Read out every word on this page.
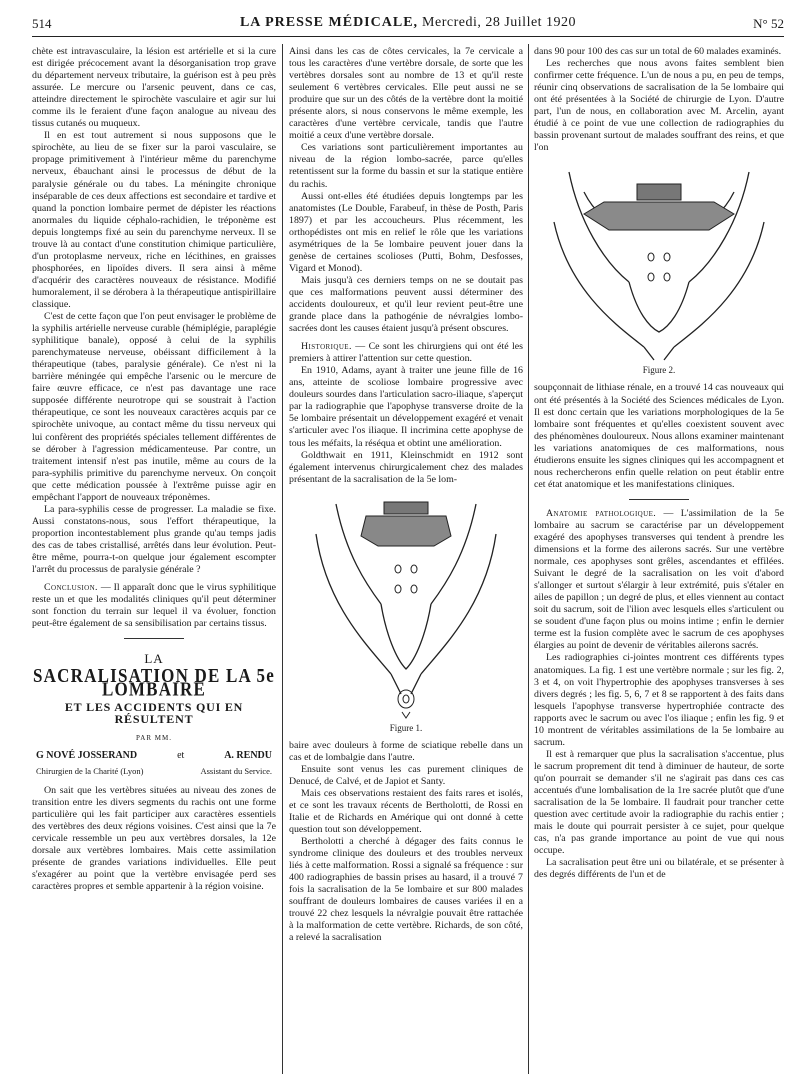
514	LA PRESSE MÉDICALE, Mercredi, 28 Juillet 1920	N° 52

chète est intravasculaire, la lésion est artérielle et si la cure est dirigée précocement avant la désorganisation trop grave du département nerveux tributaire, la guérison est à peu près assurée. Le mercure ou l'arsenic peuvent, dans ce cas, atteindre directement le spirochète vasculaire et agir sur lui comme ils le feraient d'une façon analogue au niveau des tissus cutanés ou muqueux.

Il en est tout autrement si nous supposons que le spirochète, au lieu de se fixer sur la paroi vasculaire, se propage primitivement à l'intérieur même du parenchyme nerveux, ébauchant ainsi le processus de début de la paralysie générale ou du tabes. La méningite chronique inséparable de ces deux affections est secondaire et tardive et quand la ponction lombaire permet de dépister les réactions anormales du liquide céphalo-rachidien, le tréponème est depuis longtemps fixé au sein du parenchyme nerveux. Il se trouve là au contact d'une constitution chimique particulière, d'un protoplasme nerveux, riche en lécithines, en graisses phosphorées, en lipoïdes divers. Il sera ainsi à même d'acquérir des caractères nouveaux de résistance. Modifié humoralement, il se dérobera à la thérapeutique antispirillaire classique.

C'est de cette façon que l'on peut envisager le problème de la syphilis artérielle nerveuse curable (hémiplégie, paraplégie syphilitique banale), opposé à celui de la syphilis parenchymateuse nerveuse, obéissant difficilement à la thérapeutique (tabes, paralysie générale). Ce n'est ni la barrière méningée qui empêche l'arsenic ou le mercure de faire œuvre efficace, ce n'est pas davantage une race supposée différente neurotrope qui se soustrait à l'action thérapeutique, ce sont les nouveaux caractères acquis par ce spirochète univoque, au contact même du tissu nerveux qui lui confèrent des propriétés spéciales tellement différentes de se dérober à l'agression médicamenteuse. Par contre, un traitement intensif n'est pas inutile, même au cours de la para-syphilis primitive du parenchyme nerveux. On conçoit que cette médication poussée à l'extrême puisse agir en empêchant l'apport de nouveaux tréponèmes.

La para-syphilis cesse de progresser. La maladie se fixe. Aussi constatons-nous, sous l'effort thérapeutique, la proportion incontestablement plus grande qu'au temps jadis des cas de tabes cristallisé, arrêtés dans leur évolution. Peut-être même, pourra-t-on quelque jour également escompter l'arrêt du processus de paralysie générale ?

Conclusion. — Il apparaît donc que le virus syphilitique reste un et que les modalités cliniques qu'il peut déterminer sont fonction du terrain sur lequel il va évoluer, fonction peut-être également de sa sensibilisation par certains tissus.

LA
SACRALISATION DE LA 5e LOMBAIRE
ET LES ACCIDENTS QUI EN RÉSULTENT
PAR MM.
G NOVÉ JOSSERAND	et	A. RENDU
Chirurgien de la Charité (Lyon)	Assistant du Service.

On sait que les vertèbres situées au niveau des zones de transition entre les divers segments du rachis ont une forme particulière qui les fait participer aux caractères essentiels des vertèbres des deux régions voisines. C'est ainsi que la 7e cervicale ressemble un peu aux vertèbres dorsales, la 12e dorsale aux vertèbres lombaires. Mais cette assimilation présente de grandes variations individuelles. Elle peut s'exagérer au point que la vertèbre envisagée perd ses caractères propres et semble appartenir à la région voisine.

Ainsi dans les cas de côtes cervicales, la 7e cervicale a tous les caractères d'une vertèbre dorsale, de sorte que les vertèbres dorsales sont au nombre de 13 et qu'il reste seulement 6 vertèbres cervicales. Elle peut aussi ne se produire que sur un des côtés de la vertèbre dont la moitié présente alors, si nous conservons le même exemple, les caractères d'une vertèbre cervicale, tandis que l'autre moitié a ceux d'une vertèbre dorsale.

Ces variations sont particulièrement importantes au niveau de la région lombo-sacrée, parce qu'elles retentissent sur la forme du bassin et sur la statique entière du rachis.

Aussi ont-elles été étudiées depuis longtemps par les anatomistes (Le Double, Farabeuf, in thèse de Posth, Paris 1897) et par les accoucheurs. Plus récemment, les orthopédistes ont mis en relief le rôle que les variations asymétriques de la 5e lombaire peuvent jouer dans la genèse de certaines scolioses (Putti, Bohm, Desfosses, Vigard et Monod).

Mais jusqu'à ces derniers temps on ne se doutait pas que ces malformations peuvent aussi déterminer des accidents douloureux, et qu'il leur revient peut-être une grande place dans la pathogénie de névralgies lombo-sacrées dont les causes étaient jusqu'à présent obscures.

Historique. — Ce sont les chirurgiens qui ont été les premiers à attirer l'attention sur cette question.

En 1910, Adams, ayant à traiter une jeune fille de 16 ans, atteinte de scoliose lombaire progressive avec douleurs sourdes dans l'articulation sacro-iliaque, s'aperçut par la radiographie que l'apophyse transverse droite de la 5e lombaire présentait un développement exagéré et venait s'articuler avec l'os iliaque. Il incrimina cette apophyse de tous les méfaits, la réséqua et obtint une amélioration.

Goldthwait en 1911, Kleinschmidt en 1912 sont également intervenus chirurgicalement chez des malades présentant de la sacralisation de la 5e lom-

Figure 1.

baire avec douleurs à forme de sciatique rebelle dans un cas et de lombalgie dans l'autre.

Ensuite sont venus les cas purement cliniques de Denucé, de Calvé, et de Japiot et Santy.

Mais ces observations restaient des faits rares et isolés, et ce sont les travaux récents de Bertholotti, de Rossi en Italie et de Richards en Amérique qui ont donné à cette question tout son développement.

Bertholotti a cherché à dégager des faits connus le syndrome clinique des douleurs et des troubles nerveux liés à cette malformation. Rossi a signalé sa fréquence : sur 400 radiographies de bassin prises au hasard, il a trouvé 7 fois la sacralisation de la 5e lombaire et sur 800 malades souffrant de douleurs lombaires de causes variées il en a trouvé 22 chez lesquels la névralgie pouvait être rattachée à la malformation de cette vertèbre. Richards, de son côté, a relevé la sacralisation

dans 90 pour 100 des cas sur un total de 60 malades examinés.

Les recherches que nous avons faites semblent bien confirmer cette fréquence. L'un de nous a pu, en peu de temps, réunir cinq observations de sacralisation de la 5e lombaire qui ont été présentées à la Société de chirurgie de Lyon. D'autre part, l'un de nous, en collaboration avec M. Arcelin, ayant étudié à ce point de vue une collection de radiographies du bassin provenant surtout de malades souffrant des reins, et que l'on

Figure 2.

soupçonnait de lithiase rénale, en a trouvé 14 cas nouveaux qui ont été présentés à la Société des Sciences médicales de Lyon. Il est donc certain que les variations morphologiques de la 5e lombaire sont fréquentes et qu'elles coexistent souvent avec des phénomènes douloureux. Nous allons examiner maintenant les variations anatomiques de ces malformations, nous étudierons ensuite les signes cliniques qui les accompagnent et nous rechercherons enfin quelle relation on peut établir entre cet état anatomique et les manifestations cliniques.

Anatomie pathologique. — L'assimilation de la 5e lombaire au sacrum se caractérise par un développement exagéré des apophyses transverses qui tendent à prendre les dimensions et la forme des ailerons sacrés. Sur une vertèbre normale, ces apophyses sont grêles, ascendantes et effilées. Suivant le degré de la sacralisation on les voit d'abord s'allonger et surtout s'élargir à leur extrémité, puis s'étaler en ailes de papillon ; un degré de plus, et elles viennent au contact soit du sacrum, soit de l'ilion avec lesquels elles s'articulent ou se soudent d'une façon plus ou moins intime ; enfin le dernier terme est la fusion complète avec le sacrum de ces apophyses élargies au point de devenir de véritables ailerons sacrés.

Les radiographies ci-jointes montrent ces différents types anatomiques. La fig. 1 est une vertèbre normale ; sur les fig. 2, 3 et 4, on voit l'hypertrophie des apophyses transverses à ses divers degrés ; les fig. 5, 6, 7 et 8 se rapportent à des faits dans lesquels l'apophyse transverse hypertrophiée contracte des rapports avec le sacrum ou avec l'os iliaque ; enfin les fig. 9 et 10 montrent de véritables assimilations de la 5e lombaire au sacrum.

Il est à remarquer que plus la sacralisation s'accentue, plus le sacrum proprement dit tend à diminuer de hauteur, de sorte qu'on pourrait se demander s'il ne s'agirait pas dans ces cas accentués d'une lombalisation de la 1re sacrée plutôt que d'une sacralisation de la 5e lombaire. Il faudrait pour trancher cette question avec certitude avoir la radiographie du rachis entier ; mais le doute qui pourrait persister à ce sujet, pour quelque cas, n'a pas grande importance au point de vue qui nous occupe.

La sacralisation peut être uni ou bilatérale, et se présenter à des degrés différents de l'un et de
